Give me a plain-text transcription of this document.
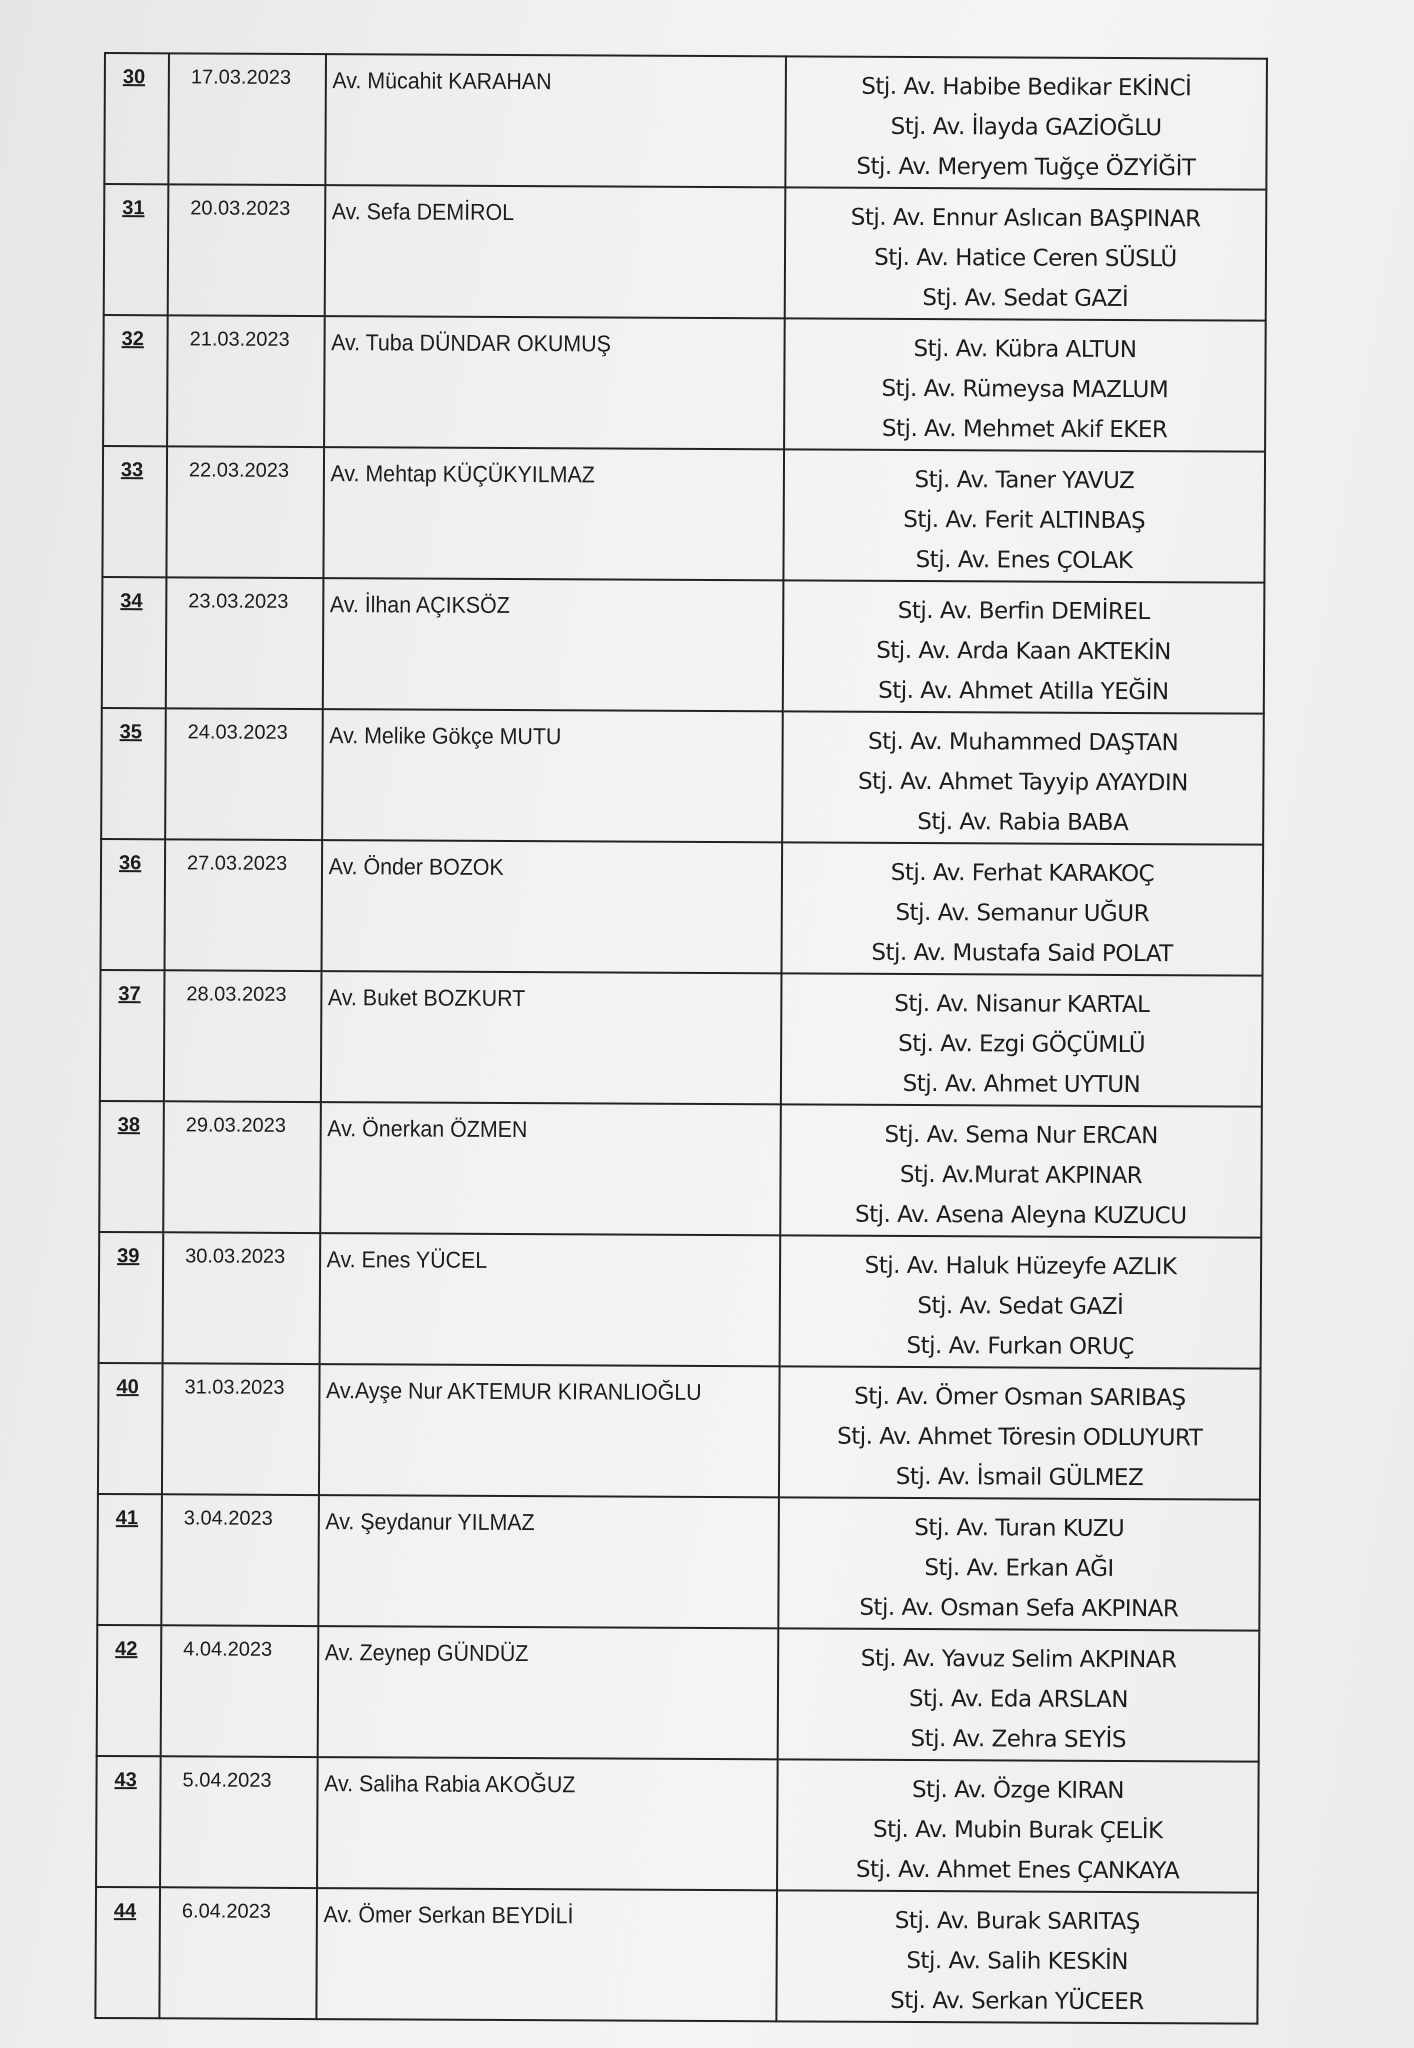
30	17.03.2023	Av. Mücahit KARAHAN	Stj. Av. Habibe Bedikar EKİNCİ
Stj. Av. İlayda GAZİOĞLU
Stj. Av. Meryem Tuğçe ÖZYİĞİT

31	20.03.2023	Av. Sefa DEMİROL	Stj. Av. Ennur Aslıcan BAŞPINAR
Stj. Av. Hatice Ceren SÜSLÜ
Stj. Av. Sedat GAZİ

32	21.03.2023	Av. Tuba DÜNDAR OKUMUŞ	Stj. Av. Kübra ALTUN
Stj. Av. Rümeysa MAZLUM
Stj. Av. Mehmet Akif EKER

33	22.03.2023	Av. Mehtap KÜÇÜKYILMAZ	Stj. Av. Taner YAVUZ
Stj. Av. Ferit ALTINBAŞ
Stj. Av. Enes ÇOLAK

34	23.03.2023	Av. İlhan AÇIKSÖZ	Stj. Av. Berfin DEMİREL
Stj. Av. Arda Kaan AKTEKİN
Stj. Av. Ahmet Atilla YEĞİN

35	24.03.2023	Av. Melike Gökçe MUTU	Stj. Av. Muhammed DAŞTAN
Stj. Av. Ahmet Tayyip AYAYDIN
Stj. Av. Rabia BABA

36	27.03.2023	Av. Önder BOZOK	Stj. Av. Ferhat KARAKOÇ
Stj. Av. Semanur UĞUR
Stj. Av. Mustafa Said POLAT

37	28.03.2023	Av. Buket BOZKURT	Stj. Av. Nisanur KARTAL
Stj. Av. Ezgi GÖÇÜMLÜ
Stj. Av. Ahmet UYTUN

38	29.03.2023	Av. Önerkan ÖZMEN	Stj. Av. Sema Nur ERCAN
Stj. Av.Murat AKPINAR
Stj. Av. Asena Aleyna KUZUCU

39	30.03.2023	Av. Enes YÜCEL	Stj. Av. Haluk Hüzeyfe AZLIK
Stj. Av. Sedat GAZİ
Stj. Av. Furkan ORUÇ

40	31.03.2023	Av.Ayşe Nur AKTEMUR KIRANLIOĞLU	Stj. Av. Ömer Osman SARIBAŞ
Stj. Av. Ahmet Töresin ODLUYURT
Stj. Av. İsmail GÜLMEZ

41	3.04.2023	Av. Şeydanur YILMAZ	Stj. Av. Turan KUZU
Stj. Av. Erkan AĞI
Stj. Av. Osman Sefa AKPINAR

42	4.04.2023	Av. Zeynep GÜNDÜZ	Stj. Av. Yavuz Selim AKPINAR
Stj. Av. Eda ARSLAN
Stj. Av. Zehra SEYİS

43	5.04.2023	Av. Saliha Rabia AKOĞUZ	Stj. Av. Özge KIRAN
Stj. Av. Mubin Burak ÇELİK
Stj. Av. Ahmet Enes ÇANKAYA

44	6.04.2023	Av. Ömer Serkan BEYDİLİ	Stj. Av. Burak SARITAŞ
Stj. Av. Salih KESKİN
Stj. Av. Serkan YÜCEER
